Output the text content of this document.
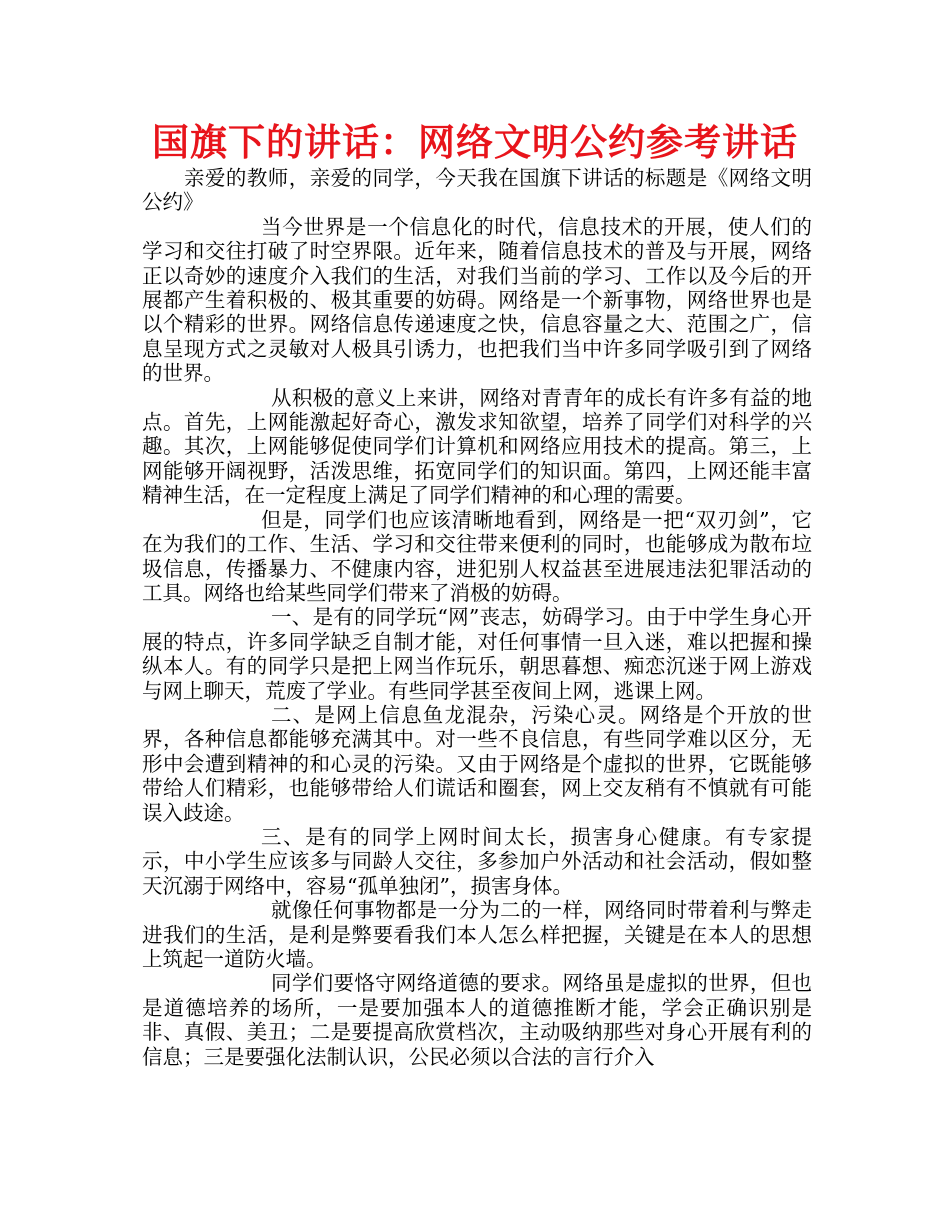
国旗下的讲话：网络文明公约参考讲话

亲爱的教师，亲爱的同学，今天我在国旗下讲话的标题是《网络文明公约》

当今世界是一个信息化的时代，信息技术的开展，使人们的学习和交往打破了时空界限。近年来，随着信息技术的普及与开展，网络正以奇妙的速度介入我们的生活，对我们当前的学习、工作以及今后的开展都产生着积极的、极其重要的妨碍。网络是一个新事物，网络世界也是以个精彩的世界。网络信息传递速度之快，信息容量之大、范围之广，信息呈现方式之灵敏对人极具引诱力，也把我们当中许多同学吸引到了网络的世界。

从积极的意义上来讲，网络对青青年的成长有许多有益的地点。首先，上网能激起好奇心，激发求知欲望，培养了同学们对科学的兴趣。其次，上网能够促使同学们计算机和网络应用技术的提高。第三，上网能够开阔视野，活泼思维，拓宽同学们的知识面。第四，上网还能丰富精神生活，在一定程度上满足了同学们精神的和心理的需要。

但是，同学们也应该清晰地看到，网络是一把“双刃剑”，它在为我们的工作、生活、学习和交往带来便利的同时，也能够成为散布垃圾信息，传播暴力、不健康内容，进犯别人权益甚至进展违法犯罪活动的工具。网络也给某些同学们带来了消极的妨碍。

一、是有的同学玩“网”丧志，妨碍学习。由于中学生身心开展的特点，许多同学缺乏自制才能，对任何事情一旦入迷，难以把握和操纵本人。有的同学只是把上网当作玩乐，朝思暮想、痴恋沉迷于网上游戏与网上聊天，荒废了学业。有些同学甚至夜间上网，逃课上网。

二、是网上信息鱼龙混杂，污染心灵。网络是个开放的世界，各种信息都能够充满其中。对一些不良信息，有些同学难以区分，无形中会遭到精神的和心灵的污染。又由于网络是个虚拟的世界，它既能够带给人们精彩，也能够带给人们谎话和圈套，网上交友稍有不慎就有可能误入歧途。

三、是有的同学上网时间太长，损害身心健康。有专家提示，中小学生应该多与同龄人交往，多参加户外活动和社会活动，假如整天沉溺于网络中，容易“孤单独闭”，损害身体。

就像任何事物都是一分为二的一样，网络同时带着利与弊走进我们的生活，是利是弊要看我们本人怎么样把握，关键是在本人的思想上筑起一道防火墙。

同学们要恪守网络道德的要求。网络虽是虚拟的世界，但也是道德培养的场所，一是要加强本人的道德推断才能，学会正确识别是非、真假、美丑；二是要提高欣赏档次，主动吸纳那些对身心开展有利的信息；三是要强化法制认识，公民必须以合法的言行介入
